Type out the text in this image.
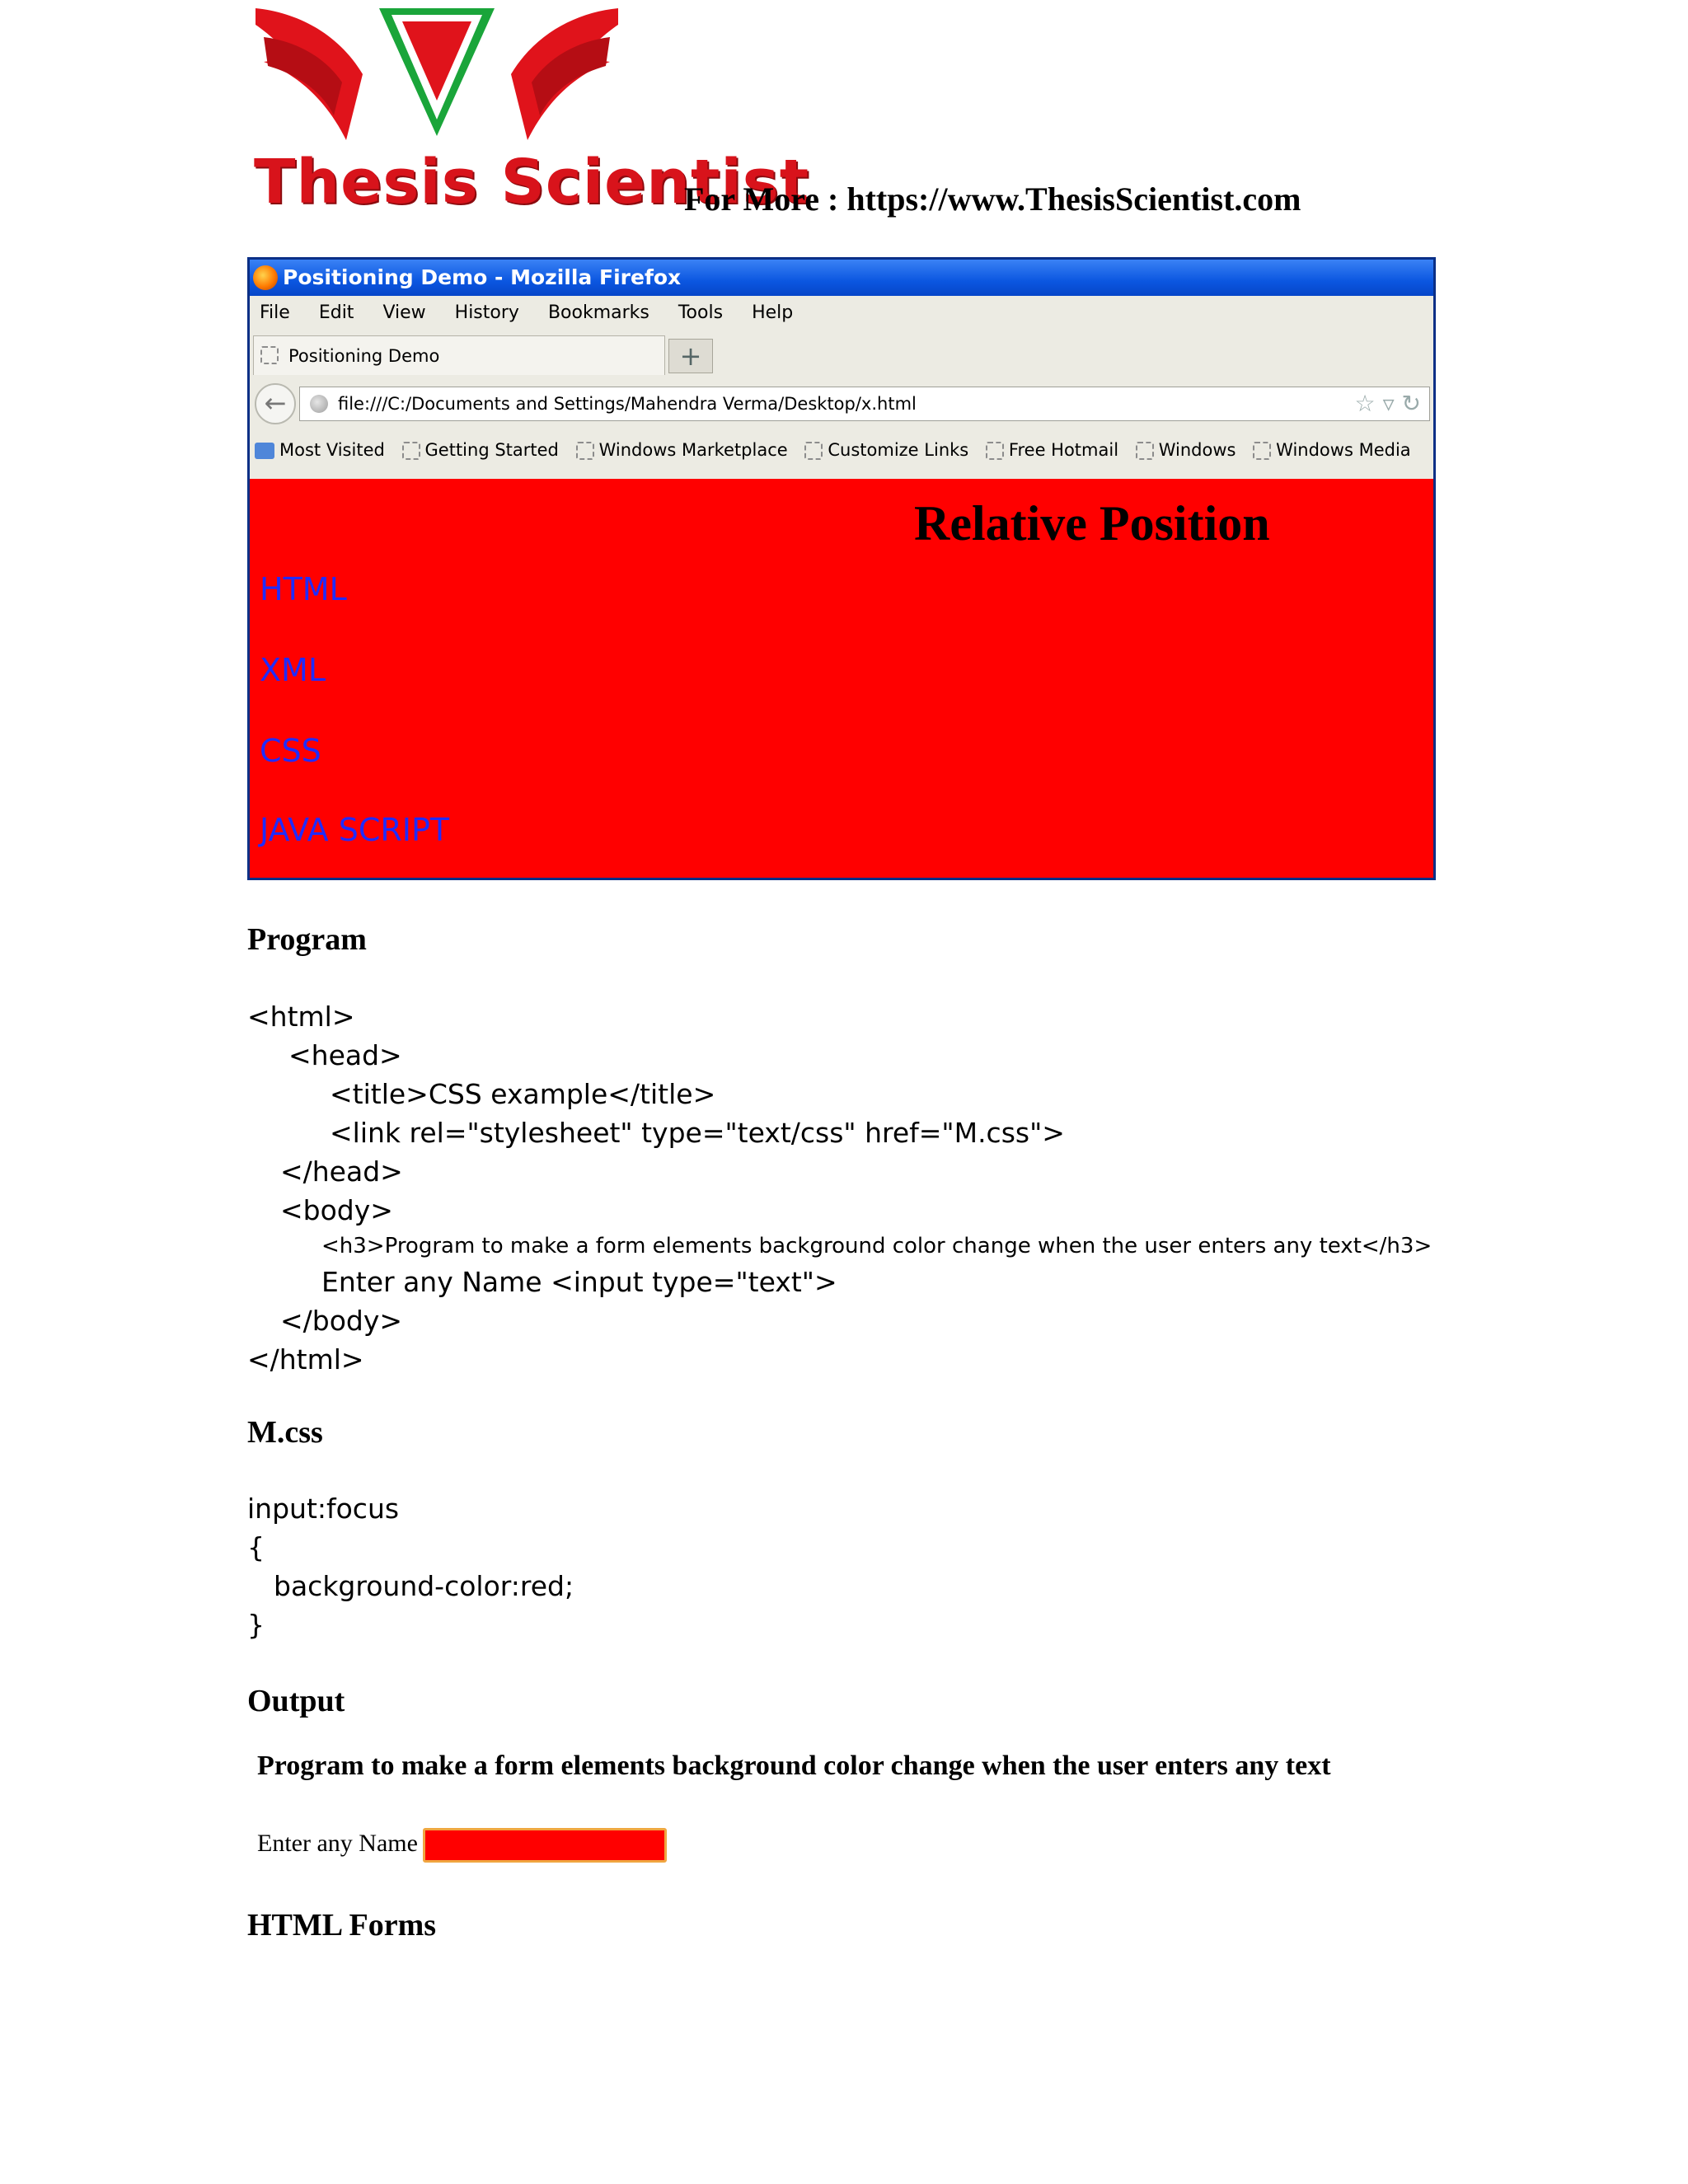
Thesis Scientist
For More : https://www.ThesisScientist.com
Positioning Demo - Mozilla Firefox
File Edit View History Bookmarks Tools Help
Positioning Demo	+
←	file:///C:/Documents and Settings/Mahendra Verma/Desktop/x.html	☆ ▿ ↻
Most Visited Getting Started Windows Marketplace Customize Links Free Hotmail Windows Windows Media
Relative Position
HTML
XML
CSS
JAVA SCRIPT
Program
<html>
<head>
<title>CSS example</title>
<link rel="stylesheet" type="text/css" href="M.css">
</head>
<body>
<h3>Program to make a form elements background color change when the user enters any text</h3>
Enter any Name <input type="text">
</body>
</html>
M.css
input:focus
{
background-color:red;
}
Output
Program to make a form elements background color change when the user enters any text
Enter any Name
HTML Forms
